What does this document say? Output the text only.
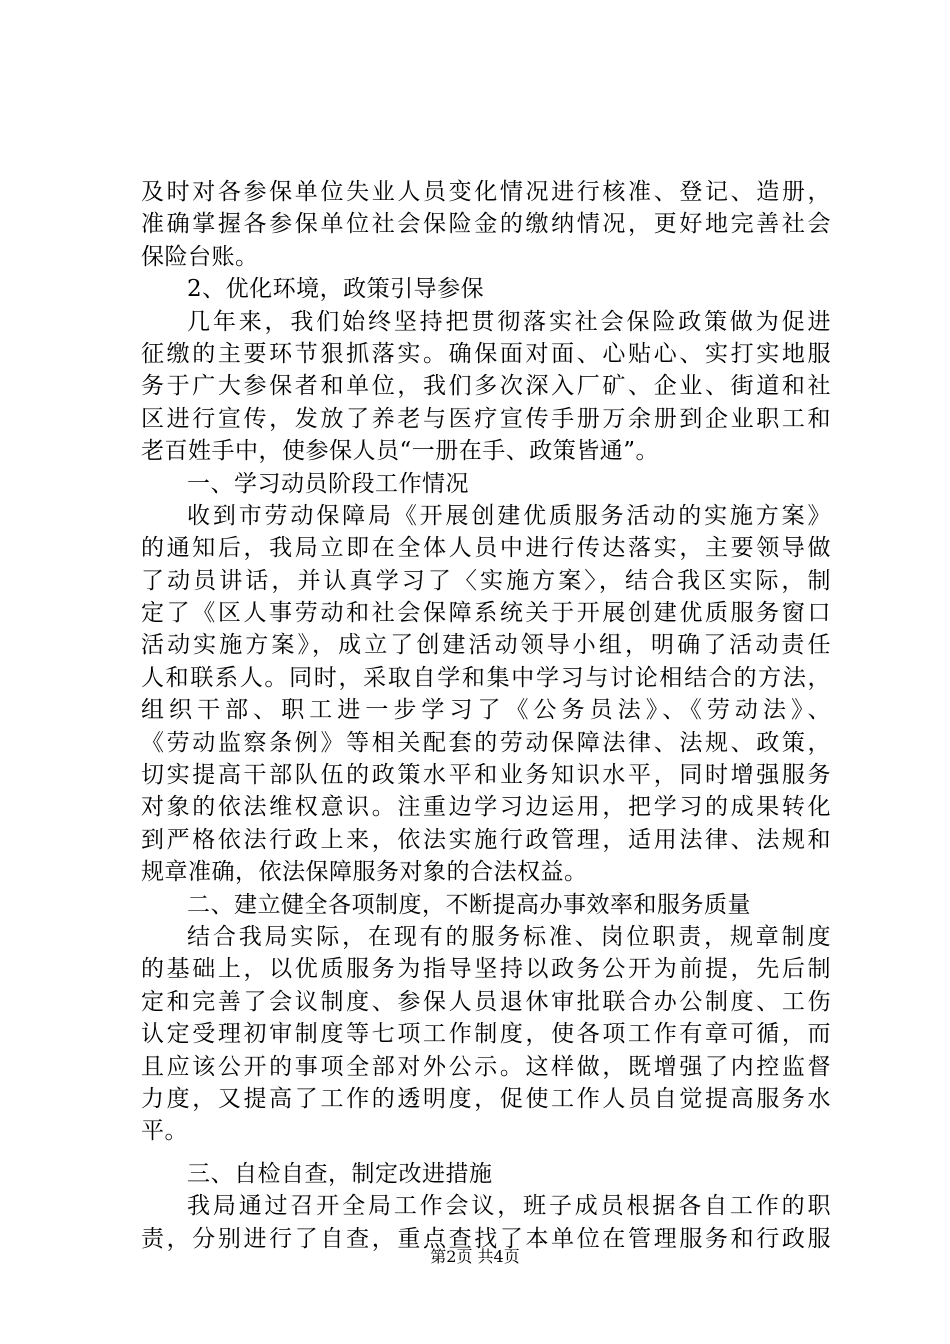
及时对各参保单位失业人员变化情况进行核准、登记、造册，
准确掌握各参保单位社会保险金的缴纳情况，更好地完善社会
保险台账。
2、优化环境，政策引导参保
几年来，我们始终坚持把贯彻落实社会保险政策做为促进
征缴的主要环节狠抓落实。确保面对面、心贴心、实打实地服
务于广大参保者和单位，我们多次深入厂矿、企业、街道和社
区进行宣传，发放了养老与医疗宣传手册万余册到企业职工和
老百姓手中，使参保人员“一册在手、政策皆通”。
一、学习动员阶段工作情况
收到市劳动保障局《开展创建优质服务活动的实施方案》
的通知后，我局立即在全体人员中进行传达落实，主要领导做
了动员讲话，并认真学习了〈实施方案〉，结合我区实际，制
定了《区人事劳动和社会保障系统关于开展创建优质服务窗口
活动实施方案》，成立了创建活动领导小组，明确了活动责任
人和联系人。同时，采取自学和集中学习与讨论相结合的方法，
组织干部、职工进一步学习了《公务员法》、《劳动法》、
《劳动监察条例》等相关配套的劳动保障法律、法规、政策，
切实提高干部队伍的政策水平和业务知识水平，同时增强服务
对象的依法维权意识。注重边学习边运用，把学习的成果转化
到严格依法行政上来，依法实施行政管理，适用法律、法规和
规章准确，依法保障服务对象的合法权益。
二、建立健全各项制度，不断提高办事效率和服务质量
结合我局实际，在现有的服务标准、岗位职责，规章制度
的基础上，以优质服务为指导坚持以政务公开为前提，先后制
定和完善了会议制度、参保人员退休审批联合办公制度、工伤
认定受理初审制度等七项工作制度，使各项工作有章可循，而
且应该公开的事项全部对外公示。这样做，既增强了内控监督
力度，又提高了工作的透明度，促使工作人员自觉提高服务水
平。
三、自检自查，制定改进措施
我局通过召开全局工作会议，班子成员根据各自工作的职
责，分别进行了自查，重点查找了本单位在管理服务和行政服
第2页 共4页
